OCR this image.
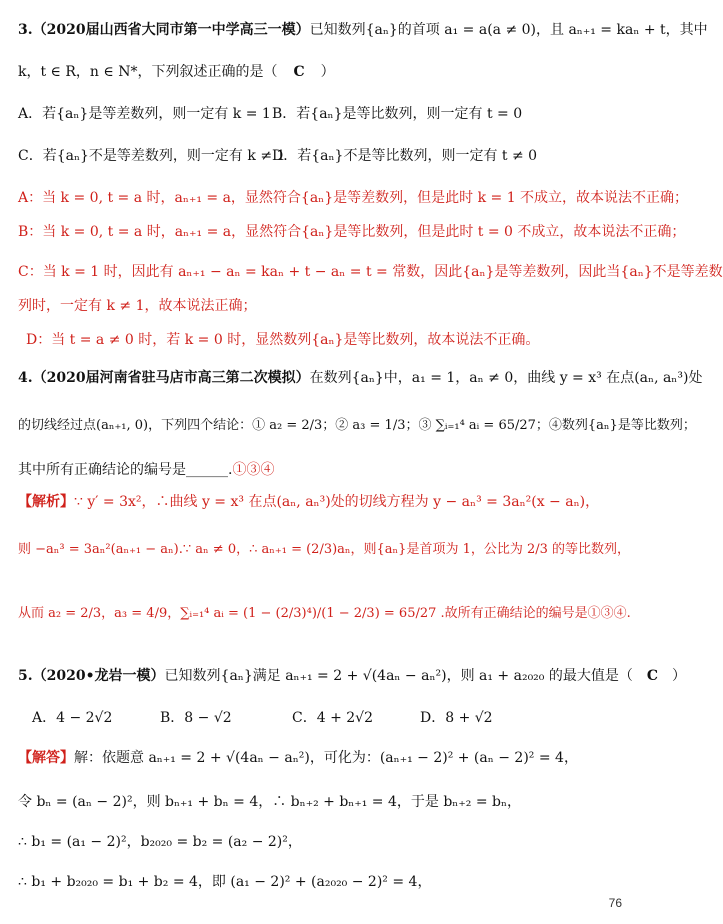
3.（2020届山西省大同市第一中学高三一模）已知数列{aₙ}的首项 a₁ = a(a ≠ 0)，且 aₙ₊₁ = kaₙ + t，其中
k，t ∈ R，n ∈ N*，下列叙述正确的是（ C ）
A．若{aₙ}是等差数列，则一定有 k = 1 B．若{aₙ}是等比数列，则一定有 t = 0
C．若{aₙ}不是等差数列，则一定有 k ≠ 1
D．若{aₙ}不是等比数列，则一定有 t ≠ 0
A：当 k = 0, t = a 时，aₙ₊₁ = a，显然符合{aₙ}是等差数列，但是此时 k = 1 不成立，故本说法不正确；
B：当 k = 0, t = a 时，aₙ₊₁ = a，显然符合{aₙ}是等比数列，但是此时 t = 0 不成立，故本说法不正确；
C：当 k = 1 时，因此有 aₙ₊₁ − aₙ = kaₙ + t − aₙ = t = 常数，因此{aₙ}是等差数列，因此当{aₙ}不是等差数
列时，一定有 k ≠ 1，故本说法正确；
D：当 t = a ≠ 0 时，若 k = 0 时，显然数列{aₙ}是等比数列，故本说法不正确。
4.（2020届河南省驻马店市高三第二次模拟）在数列{aₙ}中，a₁ = 1，aₙ ≠ 0，曲线 y = x³ 在点(aₙ, aₙ³)处
的切线经过点(aₙ₊₁, 0)，下列四个结论：① a₂ = 2/3；② a₃ = 1/3；③ ∑ᵢ₌₁⁴ aᵢ = 65/27；④数列{aₙ}是等比数列；
其中所有正确结论的编号是______.①③④
【解析】∵ y′ = 3x²，∴曲线 y = x³ 在点(aₙ, aₙ³)处的切线方程为 y − aₙ³ = 3aₙ²(x − aₙ)，
则 −aₙ³ = 3aₙ²(aₙ₊₁ − aₙ).∵ aₙ ≠ 0，∴ aₙ₊₁ = (2/3)aₙ，则{aₙ}是首项为 1，公比为 2/3 的等比数列，
从而 a₂ = 2/3，a₃ = 4/9，∑ᵢ₌₁⁴ aᵢ = (1 − (2/3)⁴)/(1 − 2/3) = 65/27 .故所有正确结论的编号是①③④.
5.（2020•龙岩一模）已知数列{aₙ}满足 aₙ₊₁ = 2 + √(4aₙ − aₙ²)，则 a₁ + a₂₀₂₀ 的最大值是（ C ）
A．4 − 2√2	B．8 − √2	C．4 + 2√2	D．8 + √2
【解答】解：依题意 aₙ₊₁ = 2 + √(4aₙ − aₙ²)，可化为：(aₙ₊₁ − 2)² + (aₙ − 2)² = 4，
令 bₙ = (aₙ − 2)²，则 bₙ₊₁ + bₙ = 4，∴ bₙ₊₂ + bₙ₊₁ = 4，于是 bₙ₊₂ = bₙ，
∴ b₁ = (a₁ − 2)²，b₂₀₂₀ = b₂ = (a₂ − 2)²，
∴ b₁ + b₂₀₂₀ = b₁ + b₂ = 4，即 (a₁ − 2)² + (a₂₀₂₀ − 2)² = 4，
76
